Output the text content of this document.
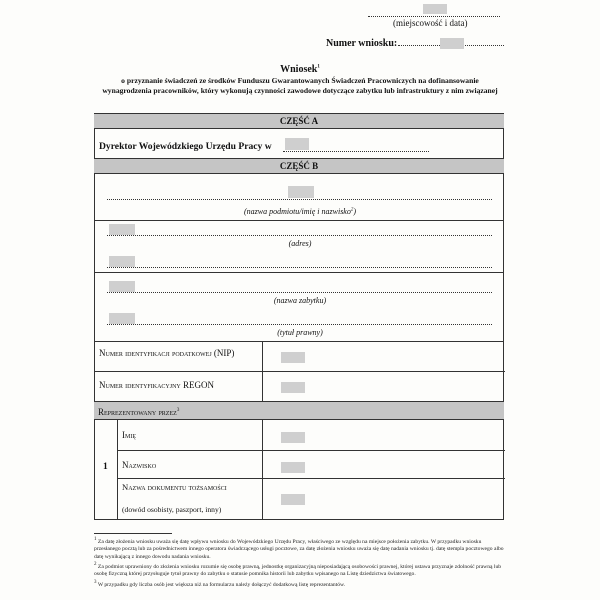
(miejscowość i data)
Numer wniosku:
Wniosek$^1$
o przyznanie świadczeń ze środków Funduszu Gwarantowanych Świadczeń Pracowniczych na dofinansowanie wynagrodzenia pracowników, który wykonują czynności zawodowe dotyczące zabytku lub infrastruktury z nim związanej
CZĘŚĆ A
Dyrektor Wojewódzkiego Urzędu Pracy w
CZĘŚĆ B
(nazwa podmiotu/imię i nazwisko$^2$)
(adres)
(nazwa zabytku)
(tytuł prawny)
Numer identyfikacji podatkowej (NIP)
Numer identyfikacyjny REGON
Reprezentowany przez$^3$
1
Imię
Nazwisko
Nazwa dokumentu tożsamości
(dowód osobisty, paszport, inny)
$^1$ Za datę złożenia wniosku uważa się datę wpływu wniosku do Wojewódzkiego Urzędu Pracy, właściwego ze względu na miejsce położenia zabytku. W przypadku wniosku przesłanego pocztą lub za pośrednictwem innego operatora świadczącego usługi pocztowe, za datę złożenia wniosku uważa się datę nadania wniosku tj. datę stempla pocztowego albo datę wynikającą z innego dowodu nadania wniosku.
$^2$ Za podmiot uprawniony do złożenia wniosku rozumie się osobę prawną, jednostkę organizacyjną nieposiadającą osobowości prawnej, której ustawa przyznaje zdolność prawną lub osobę fizyczną której przysługuje tytuł prawny do zabytku o statusie pomnika historii lub zabytku wpisanego na Listę dziedzictwa światowego.
$^3$ W przypadku gdy liczba osób jest większa niż na formularzu należy dołączyć dodatkową listę reprezentantów.
